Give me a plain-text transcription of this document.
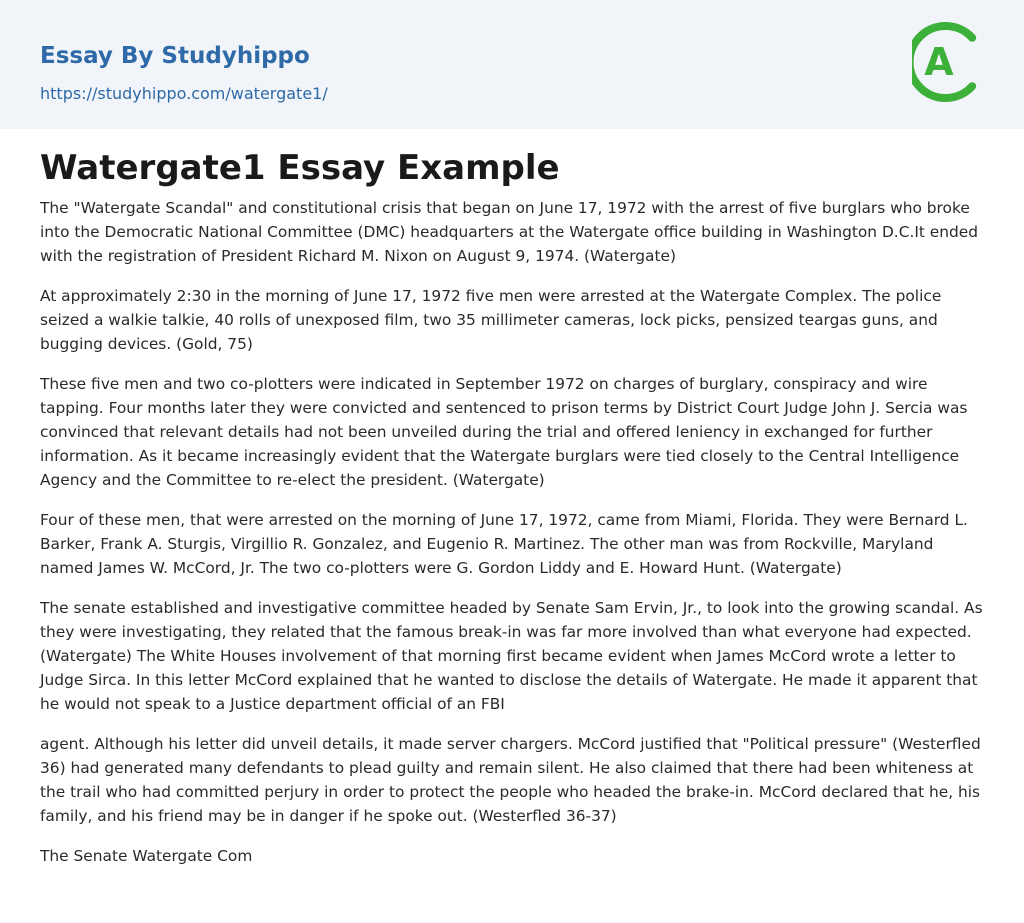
Essay By Studyhippo
https://studyhippo.com/watergate1/
A
Watergate1 Essay Example

The "Watergate Scandal" and constitutional crisis that began on June 17, 1972 with the arrest of five burglars who broke into the Democratic National Committee (DMC) headquarters at the Watergate office building in Washington D.C.It ended with the registration of President Richard M. Nixon on August 9, 1974. (Watergate)

At approximately 2:30 in the morning of June 17, 1972 five men were arrested at the Watergate Complex. The police seized a walkie talkie, 40 rolls of unexposed film, two 35 millimeter cameras, lock picks, pensized teargas guns, and bugging devices. (Gold, 75)

These five men and two co-plotters were indicated in September 1972 on charges of burglary, conspiracy and wire tapping. Four months later they were convicted and sentenced to prison terms by District Court Judge John J. Sercia was convinced that relevant details had not been unveiled during the trial and offered leniency in exchanged for further information. As it became increasingly evident that the Watergate burglars were tied closely to the Central Intelligence Agency and the Committee to re-elect the president. (Watergate)

Four of these men, that were arrested on the morning of June 17, 1972, came from Miami, Florida. They were Bernard L. Barker, Frank A. Sturgis, Virgillio R. Gonzalez, and Eugenio R. Martinez. The other man was from Rockville, Maryland named James W. McCord, Jr. The two co-plotters were G. Gordon Liddy and E. Howard Hunt. (Watergate)

The senate established and investigative committee headed by Senate Sam Ervin, Jr., to look into the growing scandal. As they were investigating, they related that the famous break-in was far more involved than what everyone had expected. (Watergate) The White Houses involvement of that morning first became evident when James McCord wrote a letter to Judge Sirca. In this letter McCord explained that he wanted to disclose the details of Watergate. He made it apparent that he would not speak to a Justice department official of an FBI

agent. Although his letter did unveil details, it made server chargers. McCord justified that "Political pressure" (Westerfled 36) had generated many defendants to plead guilty and remain silent. He also claimed that there had been whiteness at the trail who had committed perjury in order to protect the people who headed the brake-in. McCord declared that he, his family, and his friend may be in danger if he spoke out. (Westerfled 36-37)

The Senate Watergate Com
